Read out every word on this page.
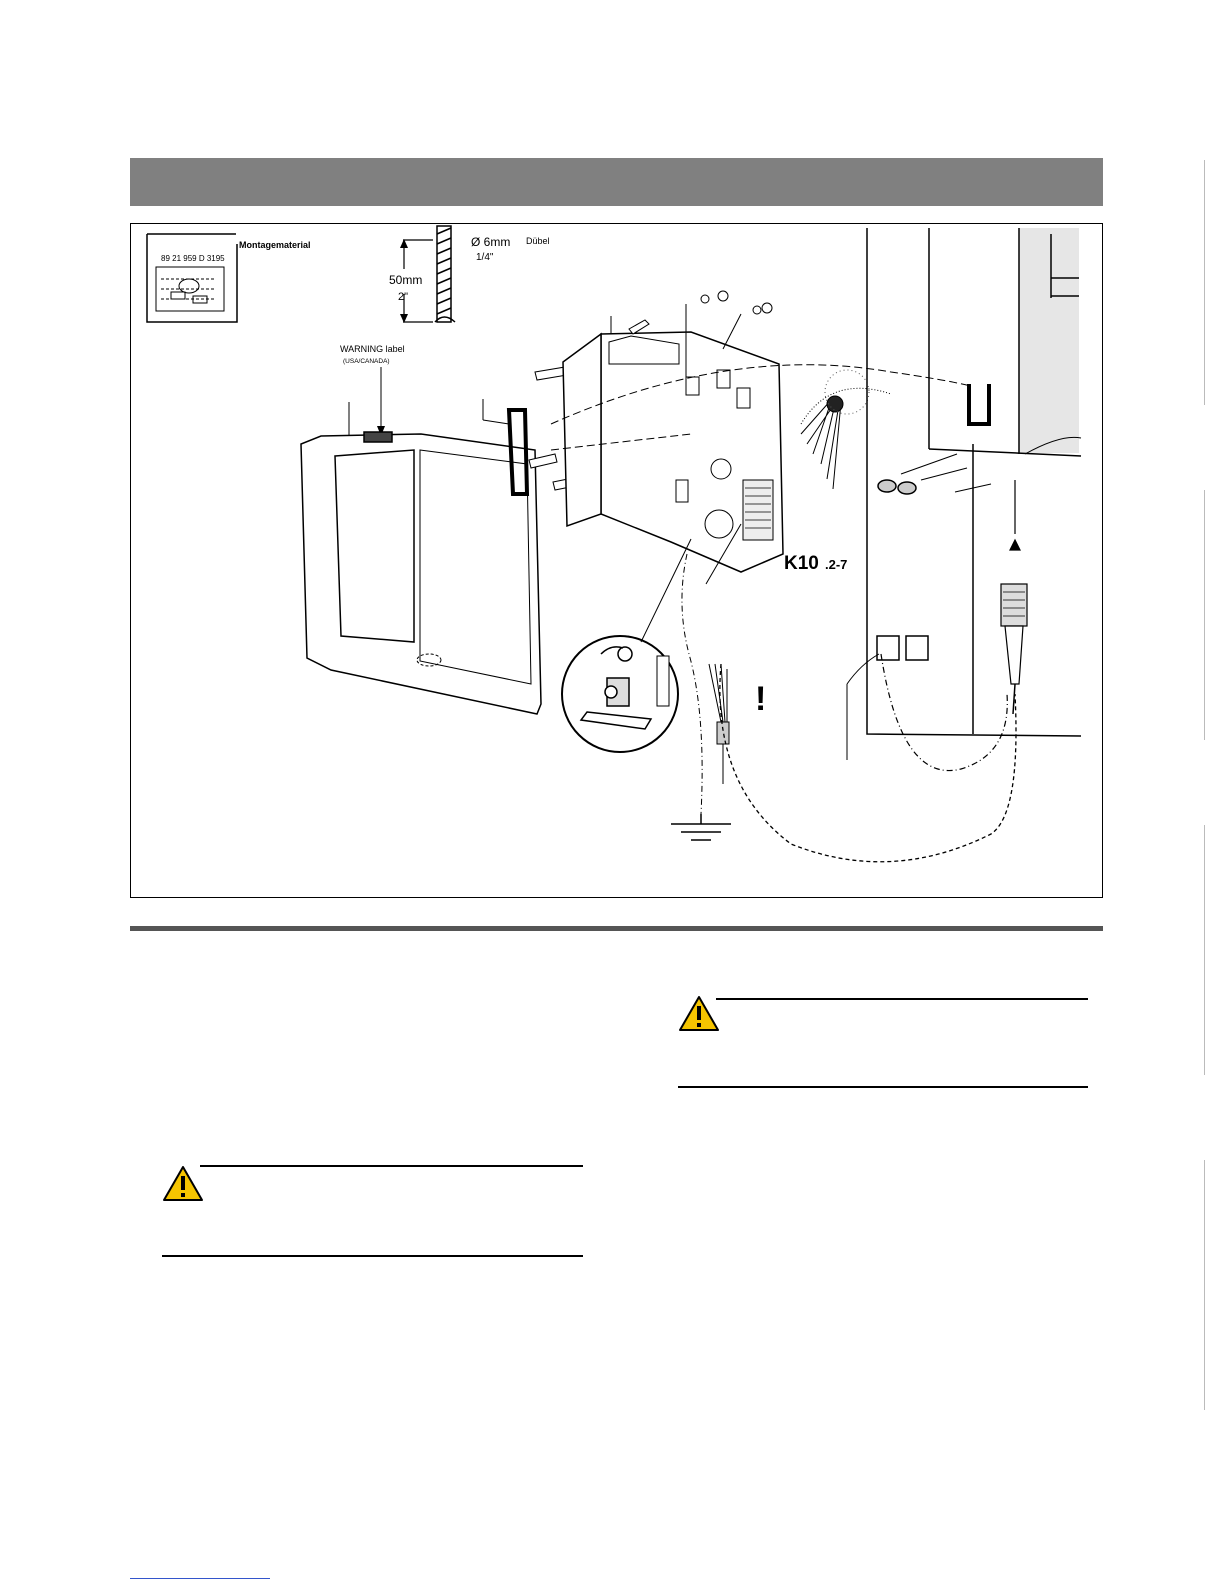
89 21 959 D 3195
Montagematerial
50mm
2"
Ø 6mm Dübel
1/4"
WARNING label
(USA/CANADA)
K10 .2-7
!
